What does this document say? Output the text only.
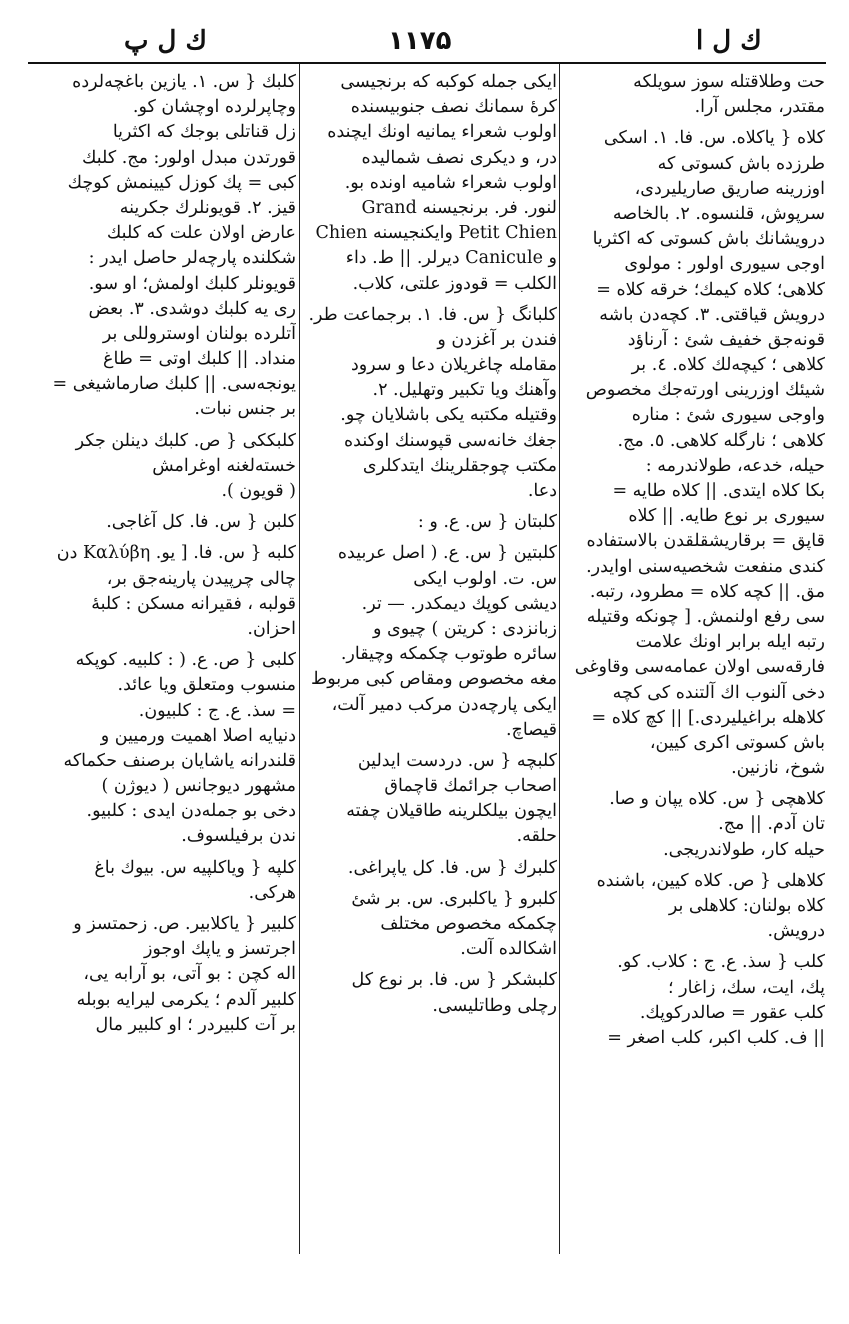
ك ل پ	۱۱۷۵	ك ل ا
حت وطلاقتله سوز سويلكه
مقتدر، مجلس آرا.
كلاه { ياكلاه. س. فا. ١. اسكى
طرزده باش كسوتى كه
اوزرينه صاريق صاريليردى،
سرپوش، قلنسوه. ٢. بالخاصه
درويشانك باش كسوتى كه اكثريا
اوجى سيورى اولور : مولوى
كلاهى؛ كلاه كيمك؛ خرقه كلاه =
درويش قياقتى. ٣. كچه‌دن باشه
قونه‌جق خفيف شئ : آرناؤد
كلاهى ؛ كيچه‌لك كلاه. ٤. بر
شيئك اوزرينى اورته‌جك مخصوص
واوجى سيورى شئ : مناره
كلاهى ؛ نارگله كلاهى. ٥. مج.
حيله، خدعه، طولاندرمه :
بكا كلاه ايتدى. || كلاه طايه =
سيورى بر نوع طايه. || كلاه
قاپق = برقاريشقلقدن بالاستفاده
كندى منفعت شخصيه‌سنى اوايدر.
مق. || كچه كلاه = مطرود، رتبه.
سى رفع اولنمش. [ چونكه وقتيله
رتبه ايله برابر اونك علامت
فارقه‌سى اولان عمامه‌سى وقاوغى
دخى آلنوب اك آلتنده كى كچه
كلاهله براغيليردى.] || كچ كلاه =
باش كسوتى اكرى كيين،
شوخ، نازنين.
كلاهچى { س. كلاه يپان و صا.
تان آدم. || مج.
حيله كار، طولاندريجى.
كلاهلى { ص. كلاه كيين، باشنده
كلاه بولنان: كلاهلى بر
درويش.
كلب { سذ. ع. ج : كلاب. كو.
پك، ايت، سك، زاغار ؛
كلب عقور = صالدركوپك.
|| ف. كلب اكبر، كلب اصغر =
ايكى جمله كوكبه كه برنجيسى
كرهٔ سمانك نصف جنوبيسنده
اولوب شعراء يمانيه اونك ايچنده
در، و ديكرى نصف شماليده
اولوب شعراء شاميه اونده بو.
لنور. فر. برنجيسنه Grand
Petit Chien وايكنجيسنه Chien
و Canicule ديرلر. || ط. داء
الكلب = قودوز علتى، كلاب.
كلبانگ { س. فا. ١. برجماعت طر.
فندن بر آغزدن و
مقامله چاغريلان دعا و سرود
وآهنك ويا تكبير وتهليل. ٢.
وقتيله مكتبه يكى باشلايان چو.
جغك خانه‌سى قپوسنك اوكنده
مكتب چوجقلرينك ايتدكلرى
دعا.
كلبتان { س. ع. و :
كلبتين { س. ع. ( اصل عربيده
س. ت. اولوب ايكى
ديشى كوپك ديمكدر. — تر.
زبانزدى : كريتن ) چيوى و
سائره طوتوب چكمكه وچيقار.
مغه مخصوص ومقاص كبى مربوط
ايكى پارچه‌دن مركب دمير آلت،
قيصاچ.
كلبچه { س. دردست ايدلين
اصحاب جرائمك قاچماق
ايچون بيلكلرينه طاقيلان چفته
حلقه.
كلبرك { س. فا. كل ياپراغى.
كلبرو { ياكلبرى. س. بر شئ
چكمكه مخصوص مختلف
اشكالده آلت.
كلبشكر { س. فا. بر نوع كل
رچلى وطاتليسى.
كلبك { س. ١. يازين باغچه‌لرده
وچاپرلرده اوچشان كو.
زل قناتلى بوجك كه اكثريا
قورتدن مبدل اولور: مج. كلبك
كبى = پك كوزل كيينمش كوچك
قيز. ٢. قويونلرك جكرينه
عارض اولان علت كه كلبك
شكلنده پارچه‌لر حاصل ايدر :
قويونلر كلبك اولمش؛ او سو.
رى يه كلبك دوشدى. ٣. بعض
آتلرده بولنان اوستروللى بر
منداد. || كلبك اوتى = طاغ
يونجه‌سى. || كلبك صارماشيغى =
بر جنس نبات.
كلبككى { ص. كلبك دينلن جكر
خسته‌لغنه اوغرامش
( قويون ).
كلبن { س. فا. كل آغاجى.
كلبه { س. فا. [ يو. Καλύβη دن
چالى چرپيدن پارينه‌جق بر،
قولبه ، فقيرانه مسكن : كلبهٔ
احزان.
كلبى { ص. ع. ( : كلبيه. كوپكه
منسوب ومتعلق ويا عائد.
= سذ. ع. ج : كلبيون.
دنيايه اصلا اهميت ورميين و
قلندرانه ياشايان برصنف حكماكه
مشهور ديوجانس ( ديوژن )
دخى بو جمله‌دن ايدى : كلبيو.
ندن برفيلسوف.
كلپه { وياكلپيه س. بيوك باغ
هركى.
كلبير { ياكلابير. ص. زحمتسز و
اجرتسز و ياپك اوجوز
اله كچن : بو آتى، بو آرابه يى،
كلبير آلدم ؛ يكرمى ليرايه بوبله
بر آت كلبيردر ؛ او كلبير مال
